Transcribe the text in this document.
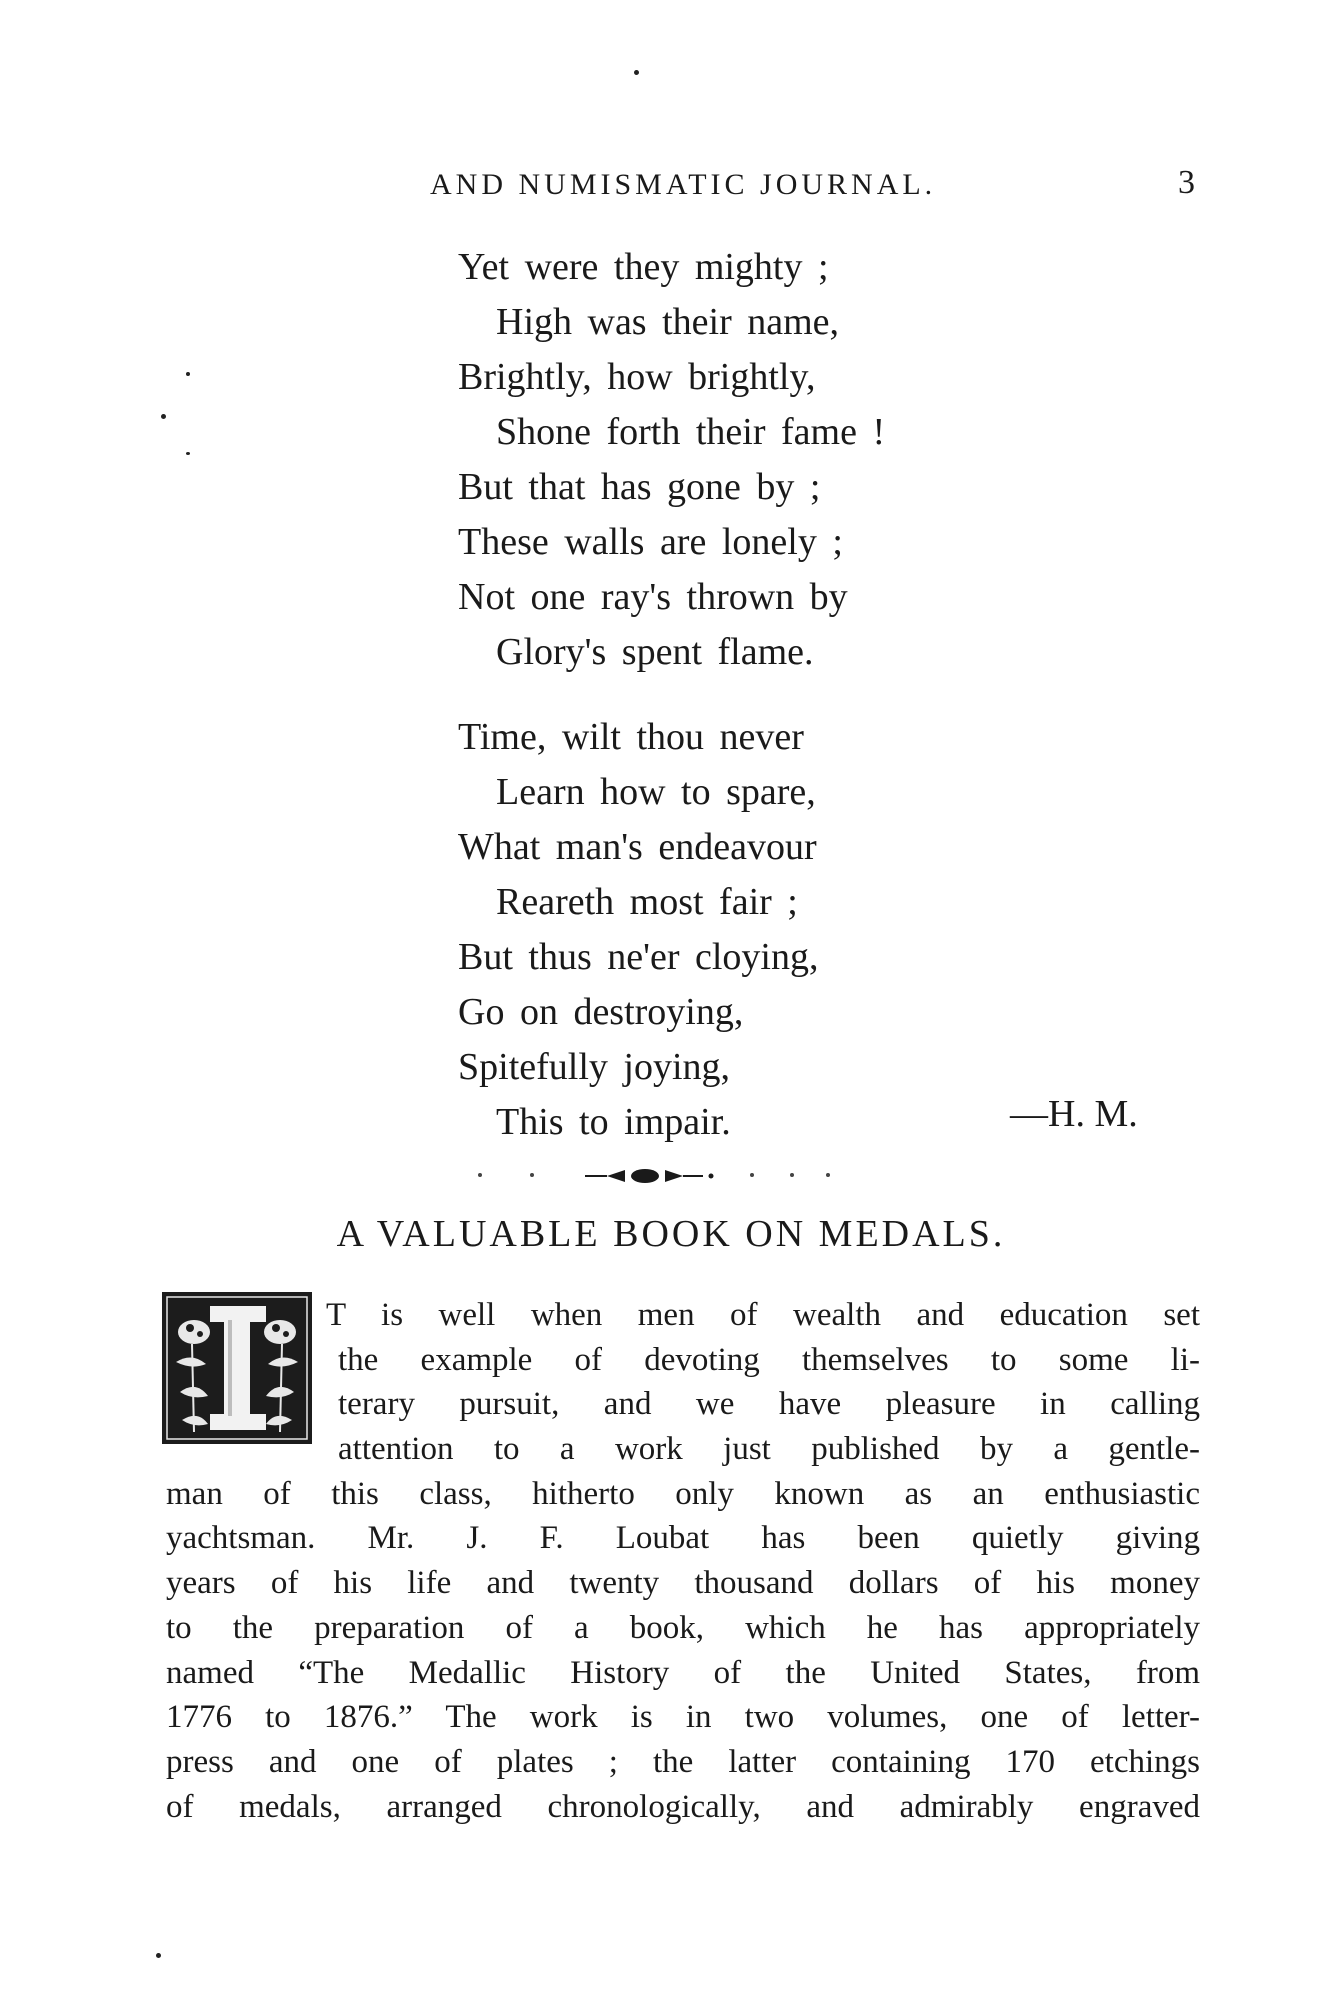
AND NUMISMATIC JOURNAL.	3
Yet were they mighty ;
High was their name,
Brightly, how brightly,
Shone forth their fame !
But that has gone by ;
These walls are lonely ;
Not one ray's thrown by
Glory's spent flame.
Time, wilt thou never
Learn how to spare,
What man's endeavour
Reareth most fair ;
But thus ne'er cloying,
Go on destroying,
Spitefully joying,
This to impair.	—H. M.
A VALUABLE BOOK ON MEDALS.
T is well when men of wealth and education set
the example of devoting themselves to some li-
terary pursuit, and we have pleasure in calling
attention to a work just published by a gentle-
man of this class, hitherto only known as an enthusiastic
yachtsman. Mr. J. F. Loubat has been quietly giving
years of his life and twenty thousand dollars of his money
to the preparation of a book, which he has appropriately
named “The Medallic History of the United States, from
1776 to 1876.” The work is in two volumes, one of letter-
press and one of plates ; the latter containing 170 etchings
of medals, arranged chronologically, and admirably engraved
